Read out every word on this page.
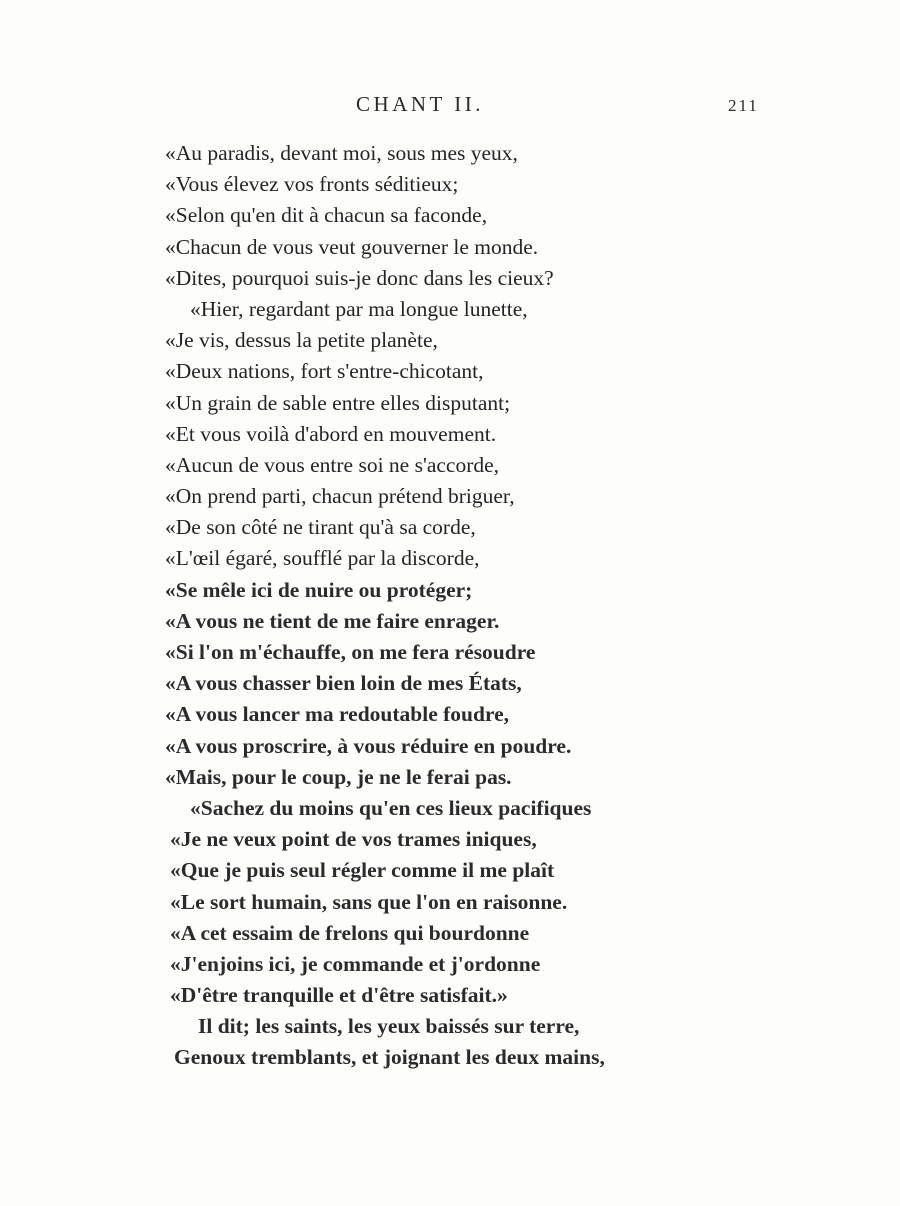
CHANT II.	211
«Au paradis, devant moi, sous mes yeux,
«Vous élevez vos fronts séditieux;
«Selon qu'en dit à chacun sa faconde,
«Chacun de vous veut gouverner le monde.
«Dites, pourquoi suis-je donc dans les cieux?
«Hier, regardant par ma longue lunette,
«Je vis, dessus la petite planète,
«Deux nations, fort s'entre-chicotant,
«Un grain de sable entre elles disputant;
«Et vous voilà d'abord en mouvement.
«Aucun de vous entre soi ne s'accorde,
«On prend parti, chacun prétend briguer,
«De son côté ne tirant qu'à sa corde,
«L'œil égaré, soufflé par la discorde,
«Se mêle ici de nuire ou protéger;
«A vous ne tient de me faire enrager.
«Si l'on m'échauffe, on me fera résoudre
«A vous chasser bien loin de mes États,
«A vous lancer ma redoutable foudre,
«A vous proscrire, à vous réduire en poudre.
«Mais, pour le coup, je ne le ferai pas.
«Sachez du moins qu'en ces lieux pacifiques
«Je ne veux point de vos trames iniques,
«Que je puis seul régler comme il me plaît
«Le sort humain, sans que l'on en raisonne.
«A cet essaim de frelons qui bourdonne
«J'enjoins ici, je commande et j'ordonne
«D'être tranquille et d'être satisfait.»
Il dit; les saints, les yeux baissés sur terre,
Genoux tremblants, et joignant les deux mains,
